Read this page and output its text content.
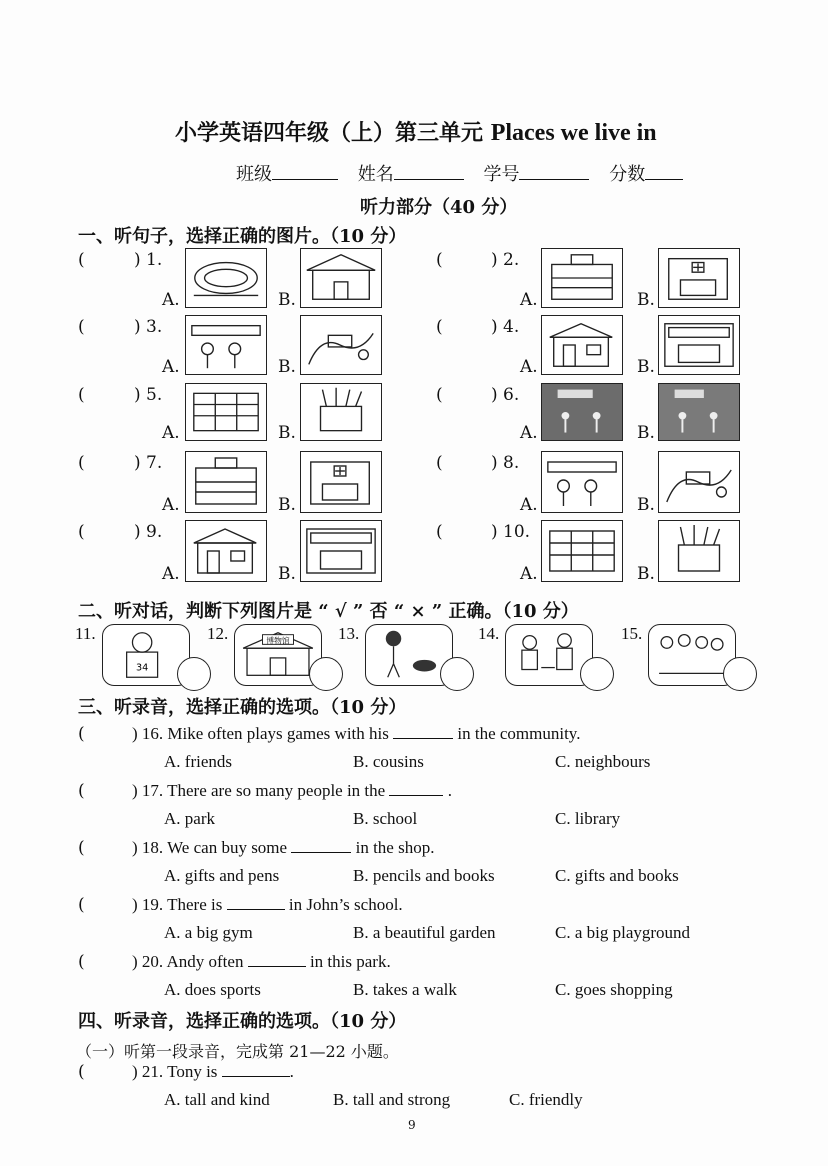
小学英语四年级（上）第三单元 Places we live in
班级	姓名	学号	分数
听力部分（40 分）
一、听句子，选择正确的图片。（10 分）
(	) 1.
A.	B.
(	) 2.
A.	B.
(	) 3.
A.	B.
(	) 4.
A.	B.
(	) 5.
A.	B.
(	) 6.
A.	B.
(	) 7.
A.	B.
(	) 8.
A.	B.
(	) 9.
A.	B.
(	) 10.
A.	B.
二、听对话，判断下列图片是 “ √ ” 否 “ × ” 正确。（10 分）
11.
34
12.	博物馆	13.	14.	15.
三、听录音，选择正确的选项。（10 分）
(	) 16. Mike often plays games with his	in the community.
A. friends	B. cousins	C. neighbours
(	) 17. There are so many people in the	.
A. park	B. school	C. library
(	) 18. We can buy some	in the shop.
A. gifts and pens	B. pencils and books	C. gifts and books
(	) 19. There is	in John’s school.
A. a big gym	B. a beautiful garden	C. a big playground
(	) 20. Andy often	in this park.
A. does sports	B. takes a walk	C. goes shopping
四、听录音，选择正确的选项。（10 分）
（一）听第一段录音，完成第 21—22 小题。
(	) 21. Tony is	.
A. tall and kind	B. tall and strong	C. friendly
9
